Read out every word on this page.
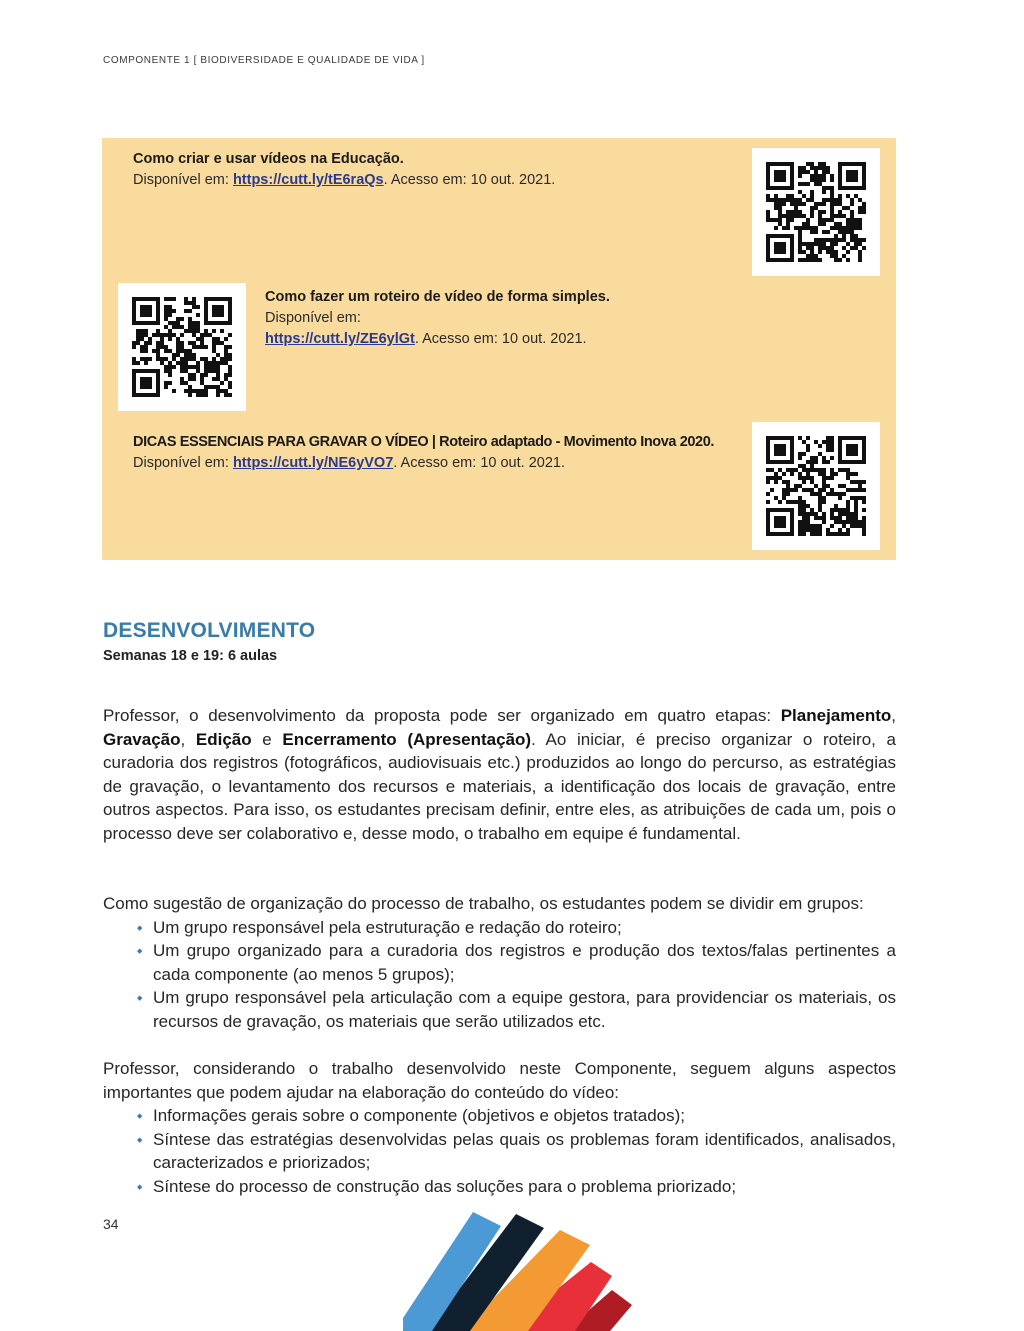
COMPONENTE 1 [ BIODIVERSIDADE E QUALIDADE DE VIDA ]
Como criar e usar vídeos na Educação.
Disponível em: https://cutt.ly/tE6raQs. Acesso em: 10 out. 2021.
Como fazer um roteiro de vídeo de forma simples.
Disponível em:
https://cutt.ly/ZE6ylGt. Acesso em: 10 out. 2021.
DICAS ESSENCIAIS PARA GRAVAR O VÍDEO | Roteiro adaptado - Movimento Inova 2020.
Disponível em: https://cutt.ly/NE6yVO7. Acesso em: 10 out. 2021.
DESENVOLVIMENTO
Semanas 18 e 19: 6 aulas
Professor, o desenvolvimento da proposta pode ser organizado em quatro etapas: Planejamento, Gravação, Edição e Encerramento (Apresentação). Ao iniciar, é preciso organizar o roteiro, a curadoria dos registros (fotográficos, audiovisuais etc.) produzidos ao longo do percurso, as estratégias de gravação, o levantamento dos recursos e materiais, a identificação dos locais de gravação, entre outros aspectos. Para isso, os estudantes precisam definir, entre eles, as atribuições de cada um, pois o processo deve ser colaborativo e, desse modo, o trabalho em equipe é fundamental.
Como sugestão de organização do processo de trabalho, os estudantes podem se dividir em grupos:
◆ Um grupo responsável pela estruturação e redação do roteiro;
◆ Um grupo organizado para a curadoria dos registros e produção dos textos/falas pertinentes a cada componente (ao menos 5 grupos);
◆ Um grupo responsável pela articulação com a equipe gestora, para providenciar os materiais, os recursos de gravação, os materiais que serão utilizados etc.
Professor, considerando o trabalho desenvolvido neste Componente, seguem alguns aspectos importantes que podem ajudar na elaboração do conteúdo do vídeo:
◆ Informações gerais sobre o componente (objetivos e objetos tratados);
◆ Síntese das estratégias desenvolvidas pelas quais os problemas foram identificados, analisados, caracterizados e priorizados;
◆ Síntese do processo de construção das soluções para o problema priorizado;
34
